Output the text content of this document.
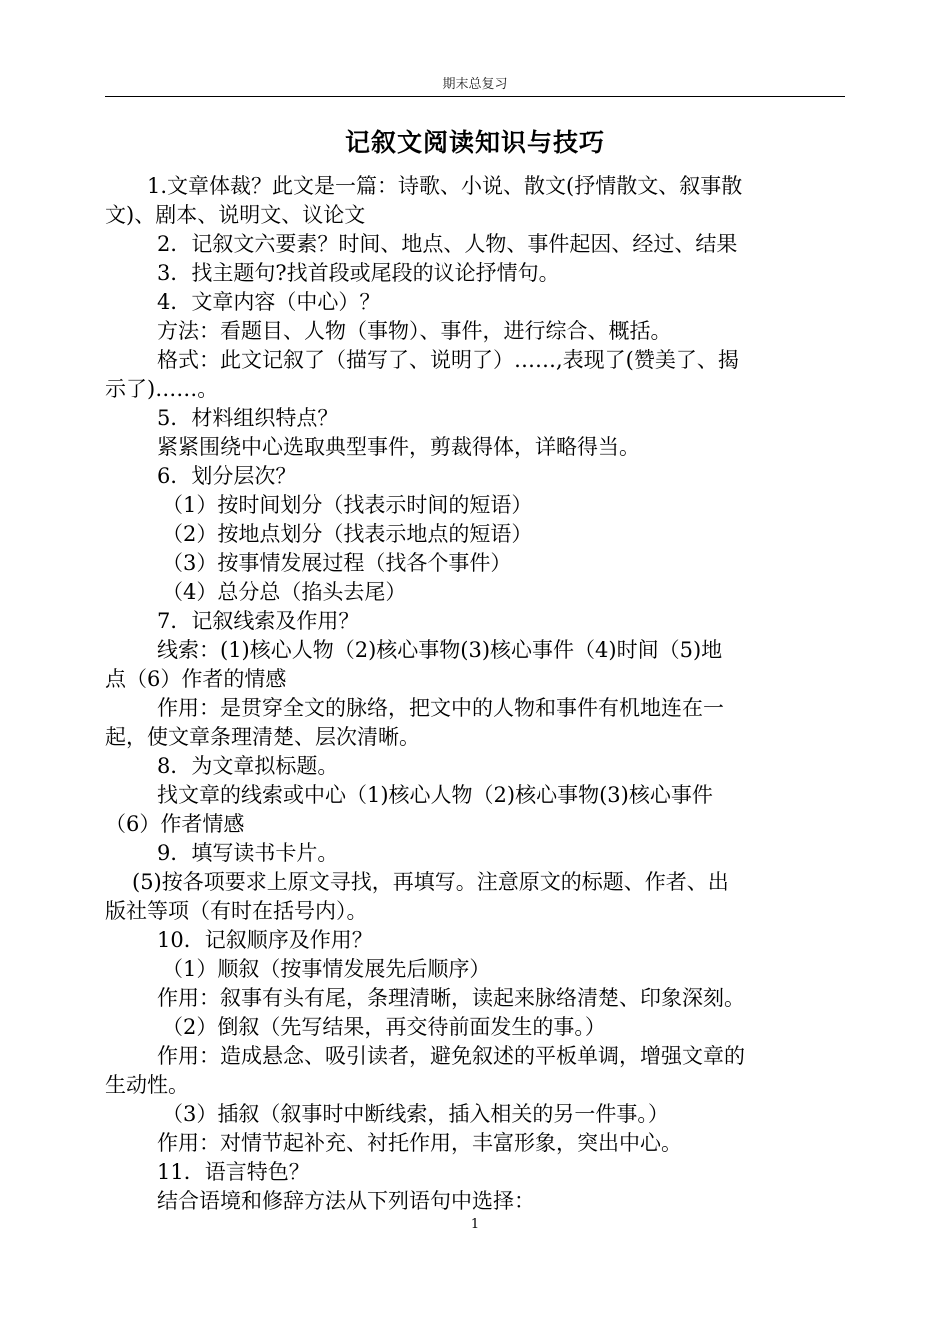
期末总复习
记叙文阅读知识与技巧

1.文章体裁？此文是一篇：诗歌、小说、散文(抒情散文、叙事散

文)、剧本、说明文、议论文

2．记叙文六要素？时间、地点、人物、事件起因、经过、结果

3．找主题句?找首段或尾段的议论抒情句。

4．文章内容（中心）？

方法：看题目、人物（事物）、事件，进行综合、概括。

格式：此文记叙了（描写了、说明了）……,表现了(赞美了、揭

示了)……。

5．材料组织特点？

紧紧围绕中心选取典型事件，剪裁得体，详略得当。

6．划分层次？

（1）按时间划分（找表示时间的短语）

（2）按地点划分（找表示地点的短语）

（3）按事情发展过程（找各个事件）

（4）总分总（掐头去尾）

7．记叙线索及作用？

线索：(1)核心人物（2)核心事物(3)核心事件（4)时间（5)地

点（6）作者的情感

作用：是贯穿全文的脉络，把文中的人物和事件有机地连在一

起，使文章条理清楚、层次清晰。

8．为文章拟标题。

找文章的线索或中心（1)核心人物（2)核心事物(3)核心事件

（6）作者情感

9．填写读书卡片。

(5)按各项要求上原文寻找，再填写。注意原文的标题、作者、出

版社等项（有时在括号内）。

10．记叙顺序及作用？

（1）顺叙（按事情发展先后顺序）

作用：叙事有头有尾，条理清晰，读起来脉络清楚、印象深刻。

（2）倒叙（先写结果，再交待前面发生的事。）

作用：造成悬念、吸引读者，避免叙述的平板单调，增强文章的

生动性。

（3）插叙（叙事时中断线索，插入相关的另一件事。）

作用：对情节起补充、衬托作用，丰富形象，突出中心。

11．语言特色？

结合语境和修辞方法从下列语句中选择：

1
